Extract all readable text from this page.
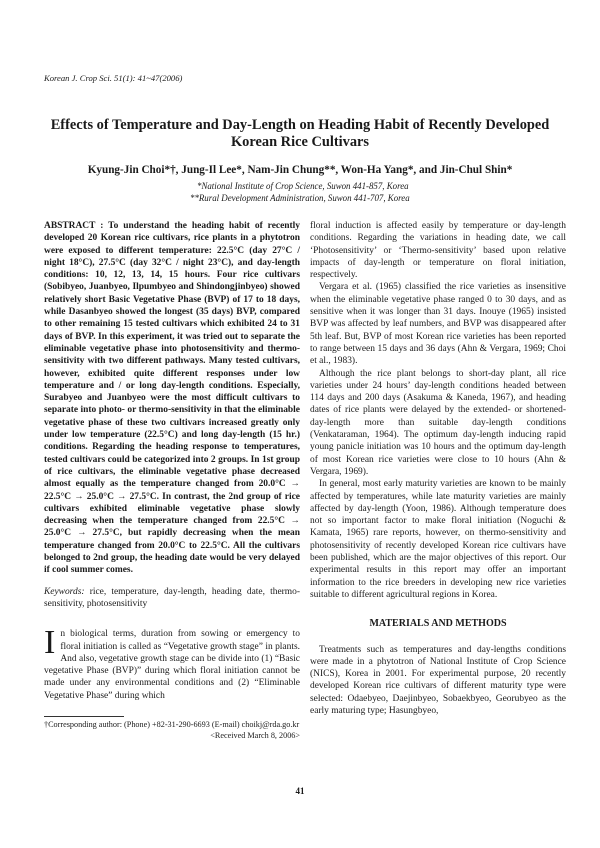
Korean J. Crop Sci. 51(1): 41~47(2006)
Effects of Temperature and Day-Length on Heading Habit of Recently Developed Korean Rice Cultivars
Kyung-Jin Choi*†, Jung-Il Lee*, Nam-Jin Chung**, Won-Ha Yang*, and Jin-Chul Shin*
*National Institute of Crop Science, Suwon 441-857, Korea
**Rural Development Administration, Suwon 441-707, Korea

ABSTRACT : To understand the heading habit of recently developed 20 Korean rice cultivars, rice plants in a phytotron were exposed to different temperature: 22.5°C (day 27°C / night 18°C), 27.5°C (day 32°C / night 23°C), and day-length conditions: 10, 12, 13, 14, 15 hours. Four rice cultivars (Sobibyeo, Juanbyeo, Ilpumbyeo and Shindongjinbyeo) showed relatively short Basic Vegetative Phase (BVP) of 17 to 18 days, while Dasanbyeo showed the longest (35 days) BVP, compared to other remaining 15 tested cultivars which exhibited 24 to 31 days of BVP. In this experiment, it was tried out to separate the eliminable vegetative phase into photosensitivity and thermo-sensitivity with two different pathways. Many tested cultivars, however, exhibited quite different responses under low temperature and / or long day-length conditions. Especially, Surabyeo and Juanbyeo were the most difficult cultivars to separate into photo- or thermo-sensitivity in that the eliminable vegetative phase of these two cultivars increased greatly only under low temperature (22.5°C) and long day-length (15 hr.) conditions. Regarding the heading response to temperatures, tested cultivars could be categorized into 2 groups. In 1st group of rice cultivars, the eliminable vegetative phase decreased almost equally as the temperature changed from 20.0°C → 22.5°C → 25.0°C → 27.5°C. In contrast, the 2nd group of rice cultivars exhibited eliminable vegetative phase slowly decreasing when the temperature changed from 22.5°C → 25.0°C → 27.5°C, but rapidly decreasing when the mean temperature changed from 20.0°C to 22.5°C. All the cultivars belonged to 2nd group, the heading date would be very delayed if cool summer comes.

Keywords: rice, temperature, day-length, heading date, thermo-sensitivity, photosensitivity

In biological terms, duration from sowing or emergency to floral initiation is called as “Vegetative growth stage” in plants. And also, vegetative growth stage can be divide into (1) “Basic vegetative Phase (BVP)” during which floral initiation cannot be made under any environmental conditions and (2) “Eliminable Vegetative Phase” during which

†Corresponding author: (Phone) +82-31-290-6693 (E-mail) choikj@rda.go.kr
<Received March 8, 2006>

floral induction is affected easily by temperature or day-length conditions. Regarding the variations in heading date, we call ‘Photosensitivity’ or ‘Thermo-sensitivity’ based upon relative impacts of day-length or temperature on floral initiation, respectively.

Vergara et al. (1965) classified the rice varieties as insensitive when the eliminable vegetative phase ranged 0 to 30 days, and as sensitive when it was longer than 31 days. Inouye (1965) insisted BVP was affected by leaf numbers, and BVP was disappeared after 5th leaf. But, BVP of most Korean rice varieties has been reported to range between 15 days and 36 days (Ahn & Vergara, 1969; Choi et al., 1983).

Although the rice plant belongs to short-day plant, all rice varieties under 24 hours’ day-length conditions headed between 114 days and 200 days (Asakuma & Kaneda, 1967), and heading dates of rice plants were delayed by the extended- or shortened- day-length more than suitable day-length conditions (Venkataraman, 1964). The optimum day-length inducing rapid young panicle initiation was 10 hours and the optimum day-length of most Korean rice varieties were close to 10 hours (Ahn & Vergara, 1969).

In general, most early maturity varieties are known to be mainly affected by temperatures, while late maturity varieties are mainly affected by day-length (Yoon, 1986). Although temperature does not so important factor to make floral initiation (Noguchi & Kamata, 1965) rare reports, however, on thermo-sensitivity and photosensitivity of recently developed Korean rice cultivars have been published, which are the major objectives of this report. Our experimental results in this report may offer an important information to the rice breeders in developing new rice varieties suitable to different agricultural regions in Korea.

MATERIALS AND METHODS

Treatments such as temperatures and day-lengths conditions were made in a phytotron of National Institute of Crop Science (NICS), Korea in 2001. For experimental purpose, 20 recently developed Korean rice cultivars of different maturity type were selected: Odaebyeo, Daejinbyeo, Sobaekbyeo, Georubyeo as the early maturing type; Hasungbyeo,

41
